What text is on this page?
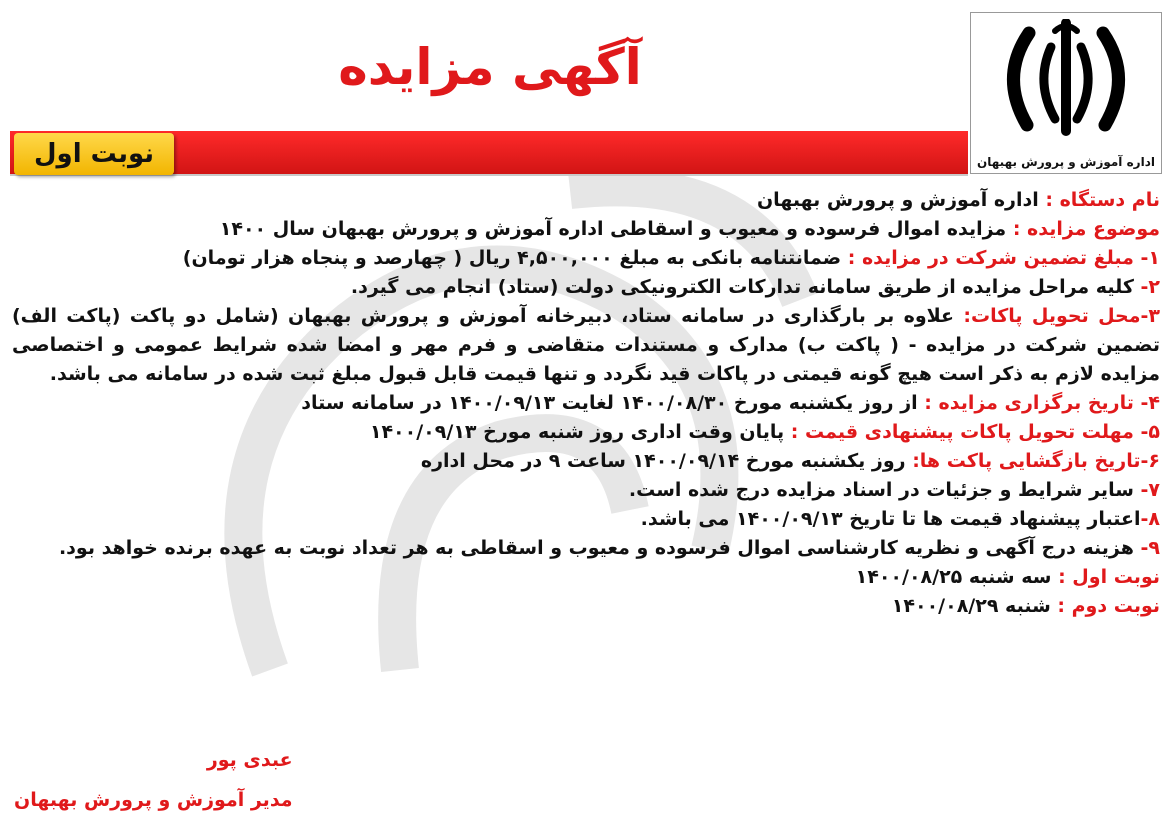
اداره آموزش و پرورش بهبهان
آگهی مزایده
نوبت اول
نام دستگاه : اداره آموزش و پرورش بهبهان
موضوع مزایده : مزایده اموال فرسوده و معیوب و اسقاطی اداره آموزش و پرورش بهبهان سال ۱۴۰۰
۱- مبلغ تضمین شرکت در مزایده : ضمانتنامه بانکی به مبلغ ۴,۵۰۰,۰۰۰ ریال ( چهارصد و پنجاه هزار تومان)
۲- کلیه مراحل مزایده از طریق سامانه تدارکات الکترونیکی دولت (ستاد) انجام می گیرد.
۳-محل تحویل پاکات: علاوه بر بارگذاری در سامانه ستاد، دبیرخانه آموزش و پرورش بهبهان (شامل دو پاکت (پاکت الف) تضمین شرکت در مزایده - ( پاکت ب) مدارک و مستندات متقاضی و فرم مهر و امضا شده شرایط عمومی و اختصاصی مزایده لازم به ذکر است هیچ گونه قیمتی در پاکات قید نگردد و تنها قیمت قابل قبول مبلغ ثبت شده در سامانه می باشد.
۴- تاریخ برگزاری مزایده : از روز یکشنبه مورخ ۱۴۰۰/۰۸/۳۰ لغایت ۱۴۰۰/۰۹/۱۳ در سامانه ستاد
۵- مهلت تحویل پاکات پیشنهادی قیمت : پایان وقت اداری روز شنبه مورخ ۱۴۰۰/۰۹/۱۳
۶-تاریخ بازگشایی پاکت ها: روز یکشنبه مورخ ۱۴۰۰/۰۹/۱۴ ساعت ۹ در محل اداره
۷- سایر شرایط و جزئیات در اسناد مزایده درج شده است.
۸-اعتبار پیشنهاد قیمت ها تا تاریخ ۱۴۰۰/۰۹/۱۳ می باشد.
۹- هزینه درج آگهی و نظریه کارشناسی اموال فرسوده و معیوب و اسقاطی به هر تعداد نوبت به عهده برنده خواهد بود.
نوبت اول : سه شنبه ۱۴۰۰/۰۸/۲۵
نوبت دوم : شنبه ۱۴۰۰/۰۸/۲۹
عبدی پور
مدیر آموزش و پرورش بهبهان
